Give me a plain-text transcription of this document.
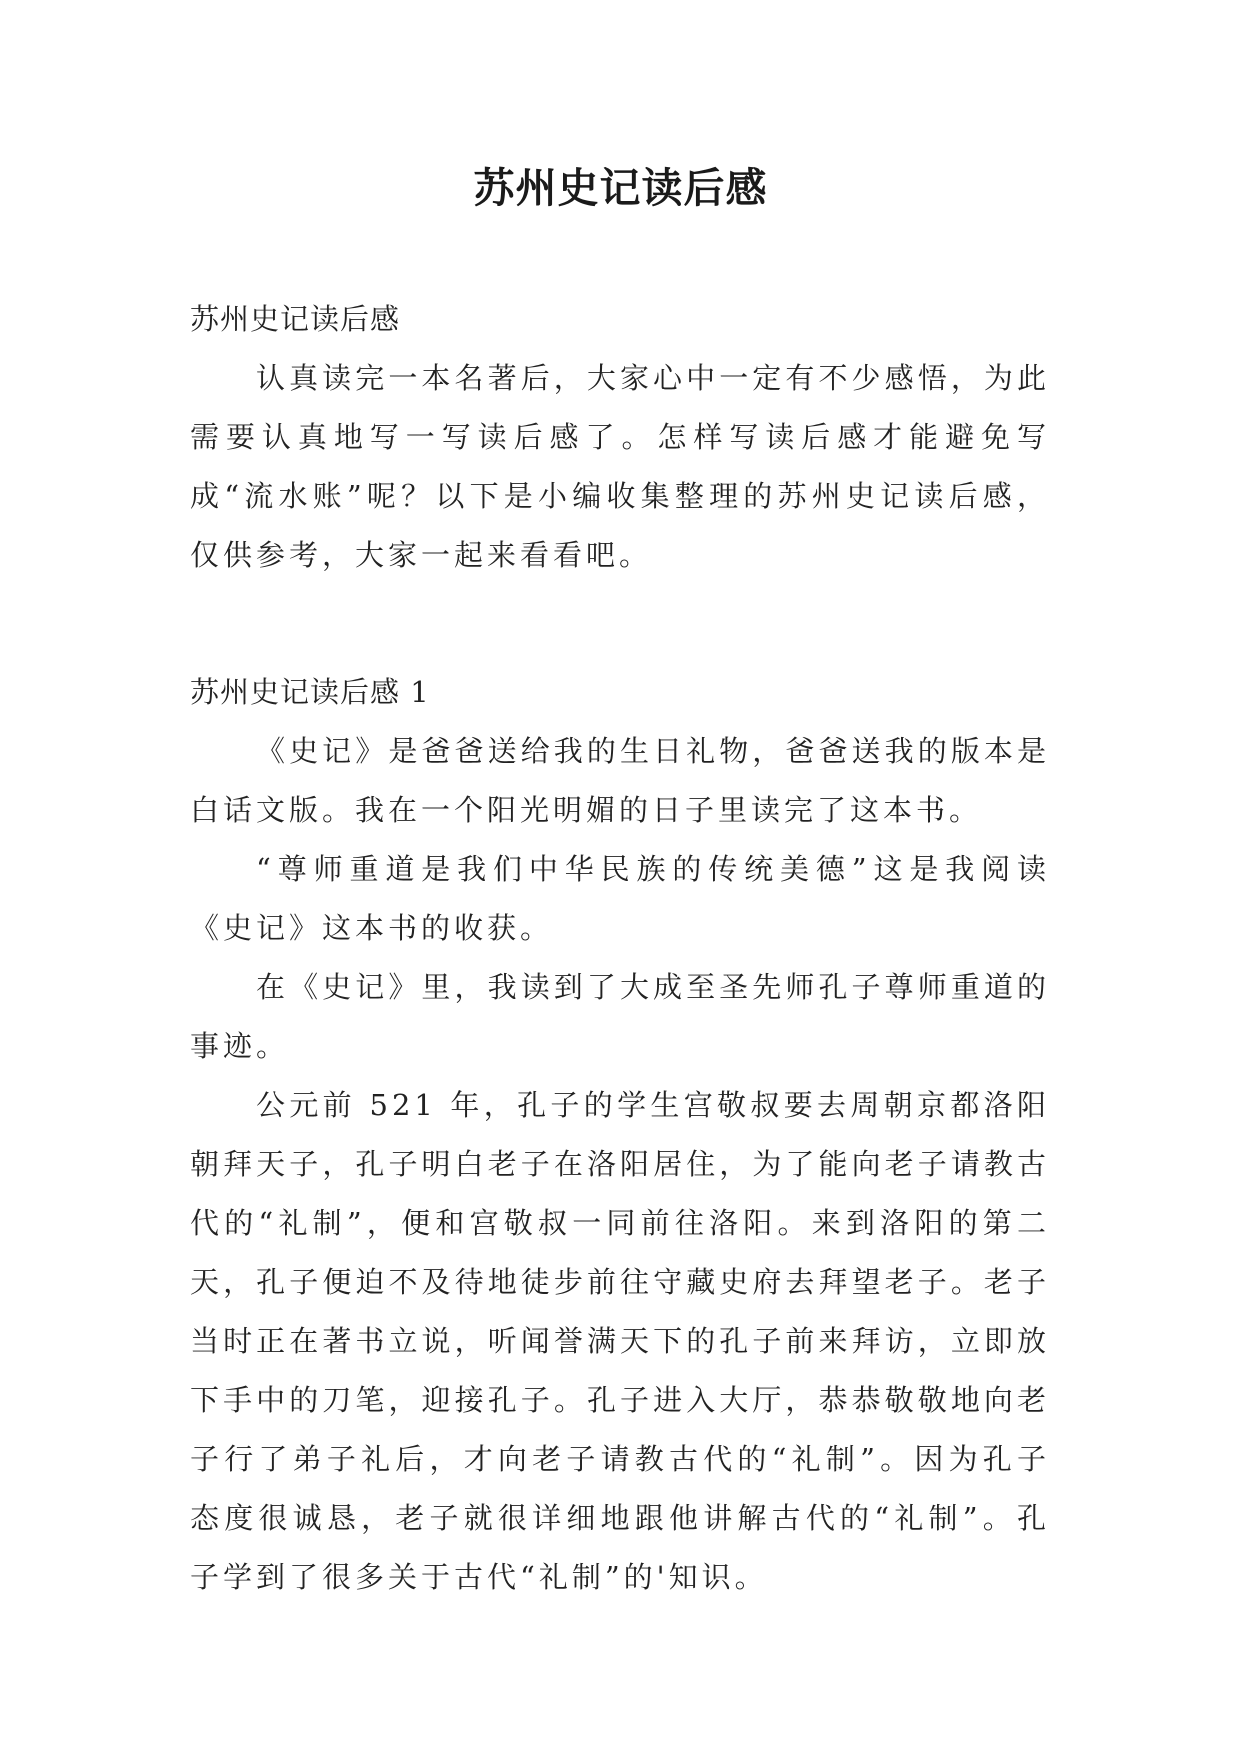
苏州史记读后感

苏州史记读后感

认真读完一本名著后，大家心中一定有不少感悟，为此需要认真地写一写读后感了。怎样写读后感才能避免写成“流水账”呢？以下是小编收集整理的苏州史记读后感，仅供参考，大家一起来看看吧。

苏州史记读后感 1

《史记》是爸爸送给我的生日礼物，爸爸送我的版本是白话文版。我在一个阳光明媚的日子里读完了这本书。

“尊师重道是我们中华民族的传统美德”这是我阅读《史记》这本书的收获。

在《史记》里，我读到了大成至圣先师孔子尊师重道的事迹。

公元前 521 年，孔子的学生宫敬叔要去周朝京都洛阳朝拜天子，孔子明白老子在洛阳居住，为了能向老子请教古代的“礼制”，便和宫敬叔一同前往洛阳。来到洛阳的第二天，孔子便迫不及待地徒步前往守藏史府去拜望老子。老子当时正在著书立说，听闻誉满天下的孔子前来拜访，立即放下手中的刀笔，迎接孔子。孔子进入大厅，恭恭敬敬地向老子行了弟子礼后，才向老子请教古代的“礼制”。因为孔子态度很诚恳，老子就很详细地跟他讲解古代的“礼制”。孔子学到了很多关于古代“礼制”的'知识。
